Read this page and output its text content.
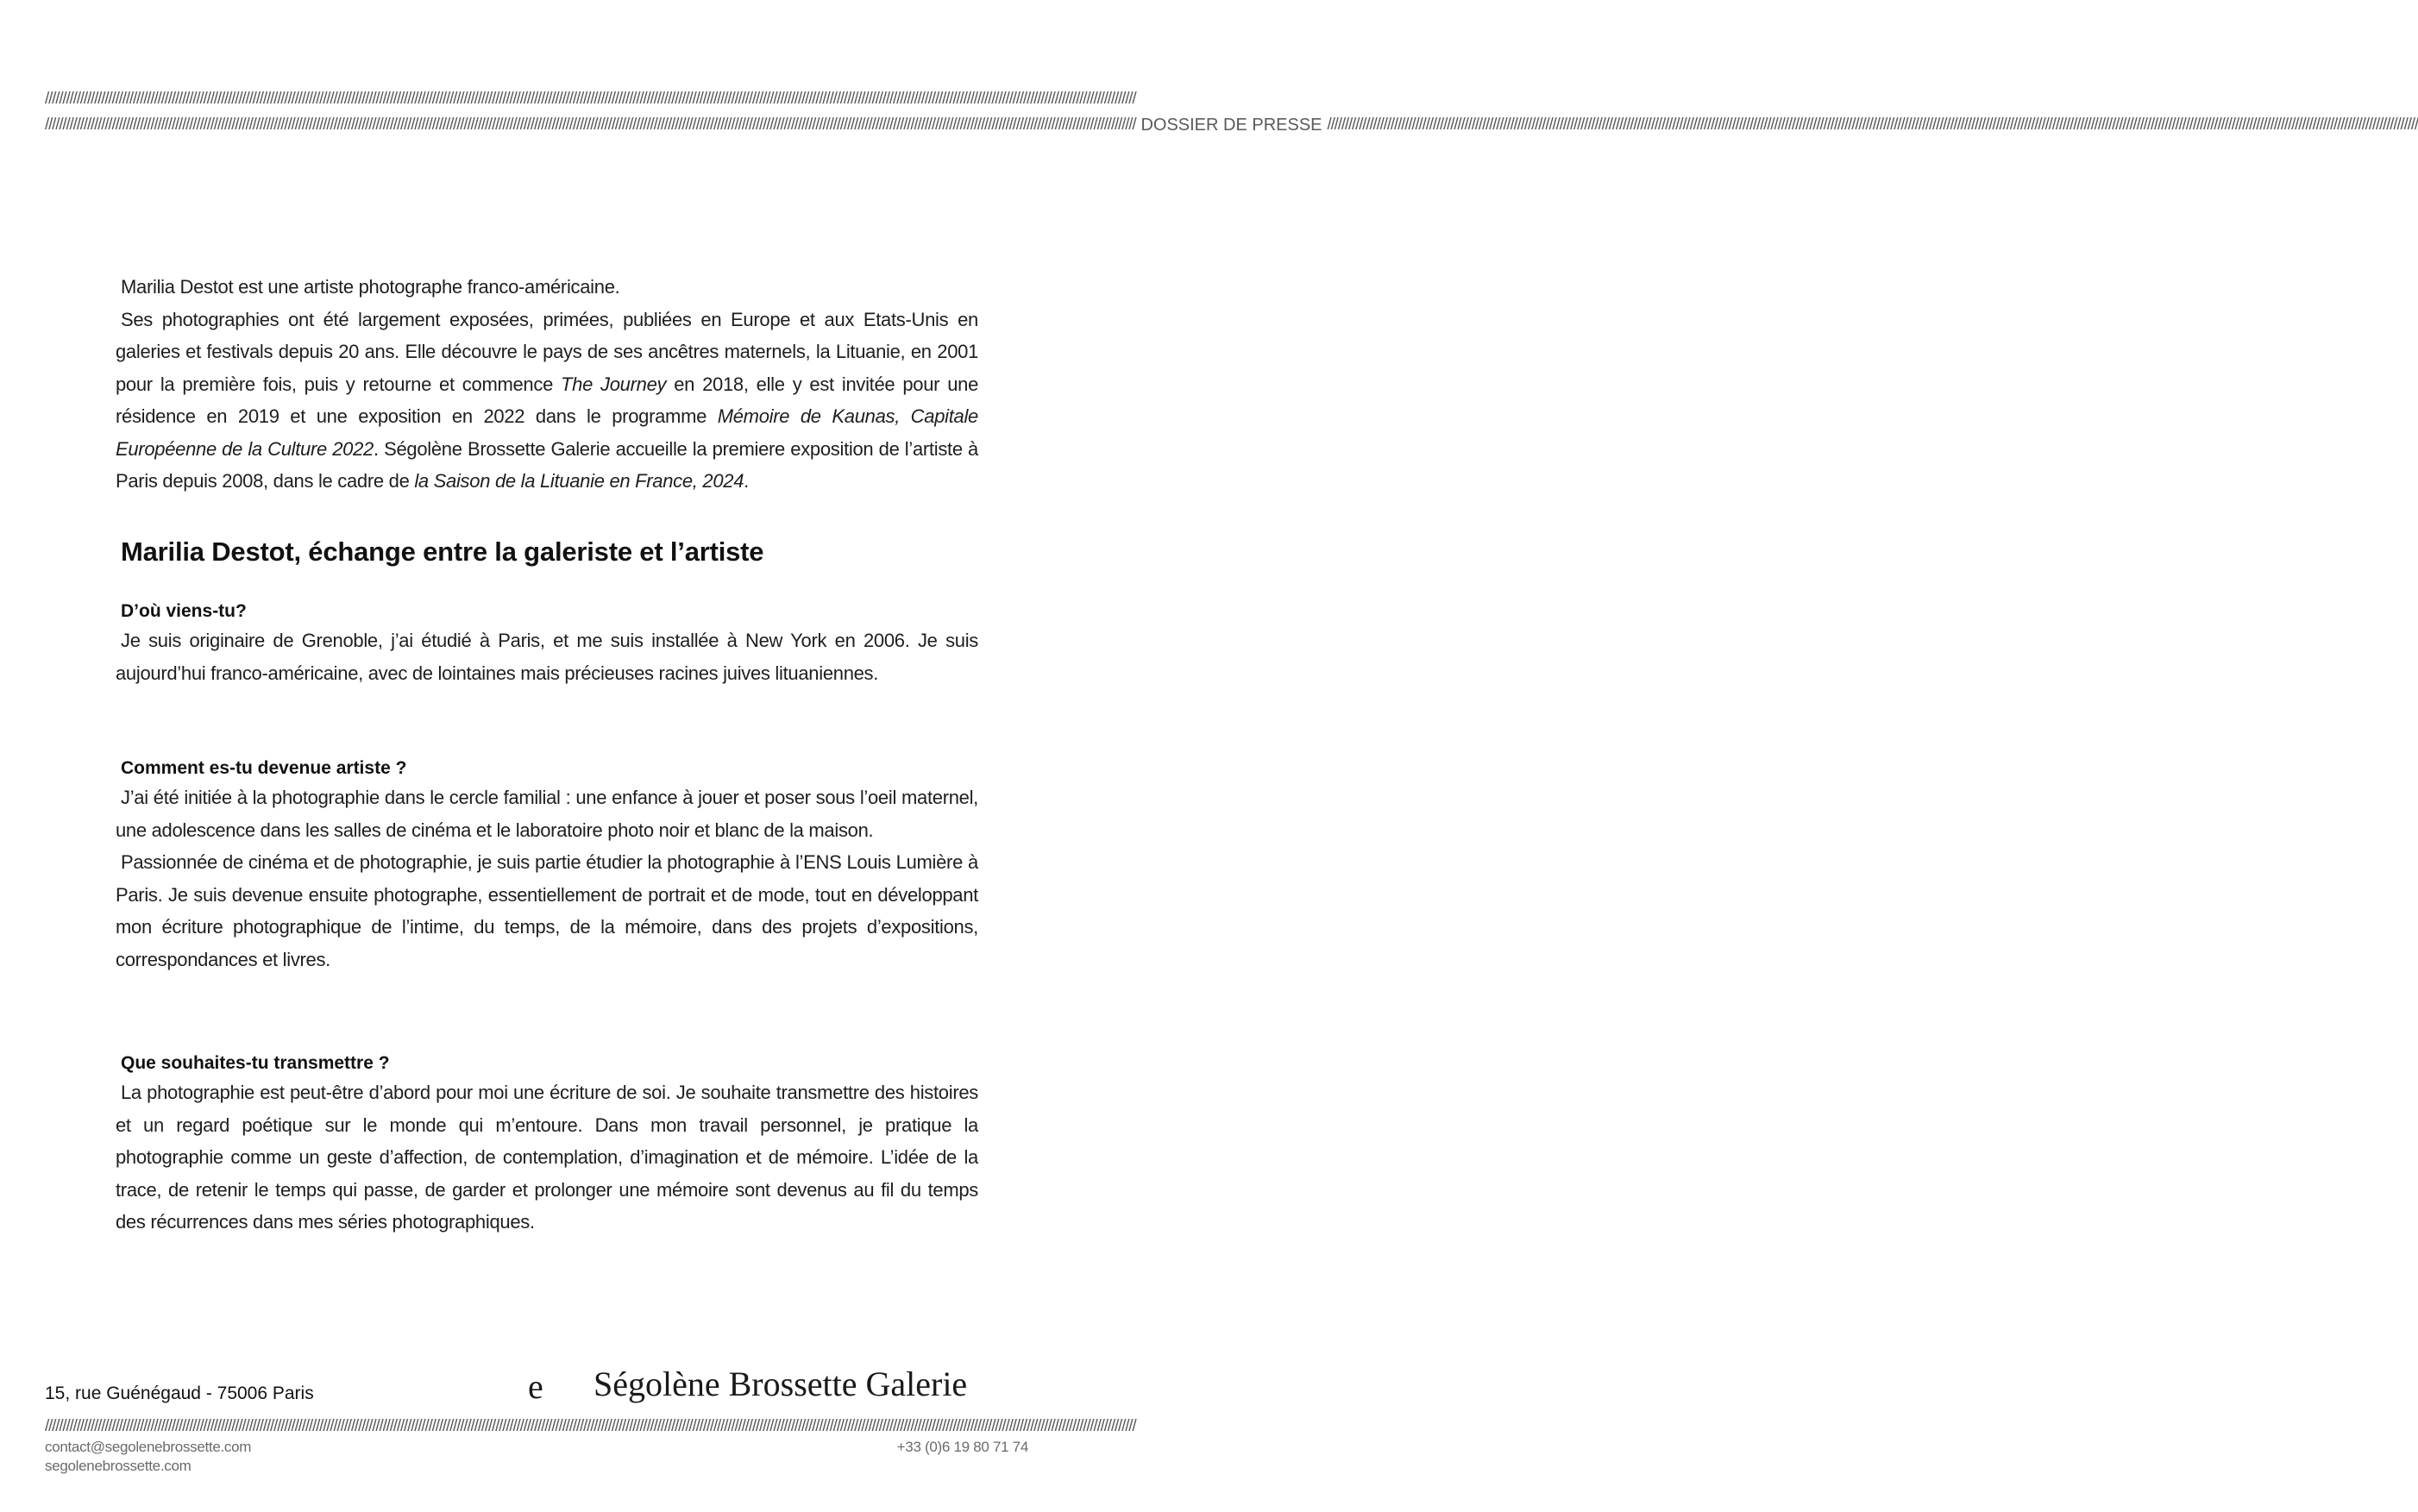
//////////////////////////////////////////////////////////////////////////////////////////////////////////////////////////////////////////////////////////////////////////////////////////////////////////////////////////////////////////////////////////////////////////////////////////////////////////////////////
////////////////////////////////////////////////////////////////////////////////////////////////////////////////////////////////////////////////////////////////////////////////////////////////////////////////////////////////////////////////////////////////////////////////////////////////////////////////////// DOSSIER DE PRESSE //////////////////////////////////////////////////////////////////////////////////////////////////////////////////////////////////////////////////////////////////////////////////////////////////////////////////////////////////////////////////////////////////////////////////////////////////////////////////////

Marilia Destot est une artiste photographe franco-américaine.

Ses photographies ont été largement exposées, primées, publiées en Europe et aux Etats-Unis en galeries et festivals depuis 20 ans. Elle découvre le pays de ses ancêtres maternels, la Lituanie, en 2001 pour la première fois, puis y retourne et commence The Journey en 2018, elle y est invitée pour une résidence en 2019 et une exposition en 2022 dans le programme Mémoire de Kaunas, Capitale Européenne de la Culture 2022. Ségolène Brossette Galerie accueille la premiere exposition de l’artiste à Paris depuis 2008, dans le cadre de la Saison de la Lituanie en France, 2024.

Marilia Destot, échange entre la galeriste et l’artiste
D’où viens-tu?

Je suis originaire de Grenoble, j’ai étudié à Paris, et me suis installée à New York en 2006. Je suis aujourd’hui franco-américaine, avec de lointaines mais précieuses racines juives lituaniennes.

Comment es-tu devenue artiste ?

J’ai été initiée à la photographie dans le cercle familial : une enfance à jouer et poser sous l’oeil maternel, une adolescence dans les salles de cinéma et le laboratoire photo noir et blanc de la maison.

Passionnée de cinéma et de photographie, je suis partie étudier la photographie à l’ENS Louis Lumière à Paris. Je suis devenue ensuite photographe, essentiellement de portrait et de mode, tout en développant mon écriture photographique de l’intime, du temps, de la mémoire, dans des projets d’expositions, correspondances et livres.

Que souhaites-tu transmettre ?

La photographie est peut-être d’abord pour moi une écriture de soi. Je souhaite transmettre des histoires et un regard poétique sur le monde qui m’entoure. Dans mon travail personnel, je pratique la photographie comme un geste d’affection, de contemplation, d’imagination et de mémoire. L’idée de la trace, de retenir le temps qui passe, de garder et prolonger une mémoire sont devenus au fil du temps des récurrences dans mes séries photographiques.

15, rue Guénégaud - 75006 Paris	e Ségolène Brossette Galerie
//////////////////////////////////////////////////////////////////////////////////////////////////////////////////////////////////////////////////////////////////////////////////////////////////////////////////////////////////////////////////////////////////////////////////////////////////////////////////////
contact@segolenebrossette.com
segolenebrossette.com
+33 (0)6 19 80 71 74
